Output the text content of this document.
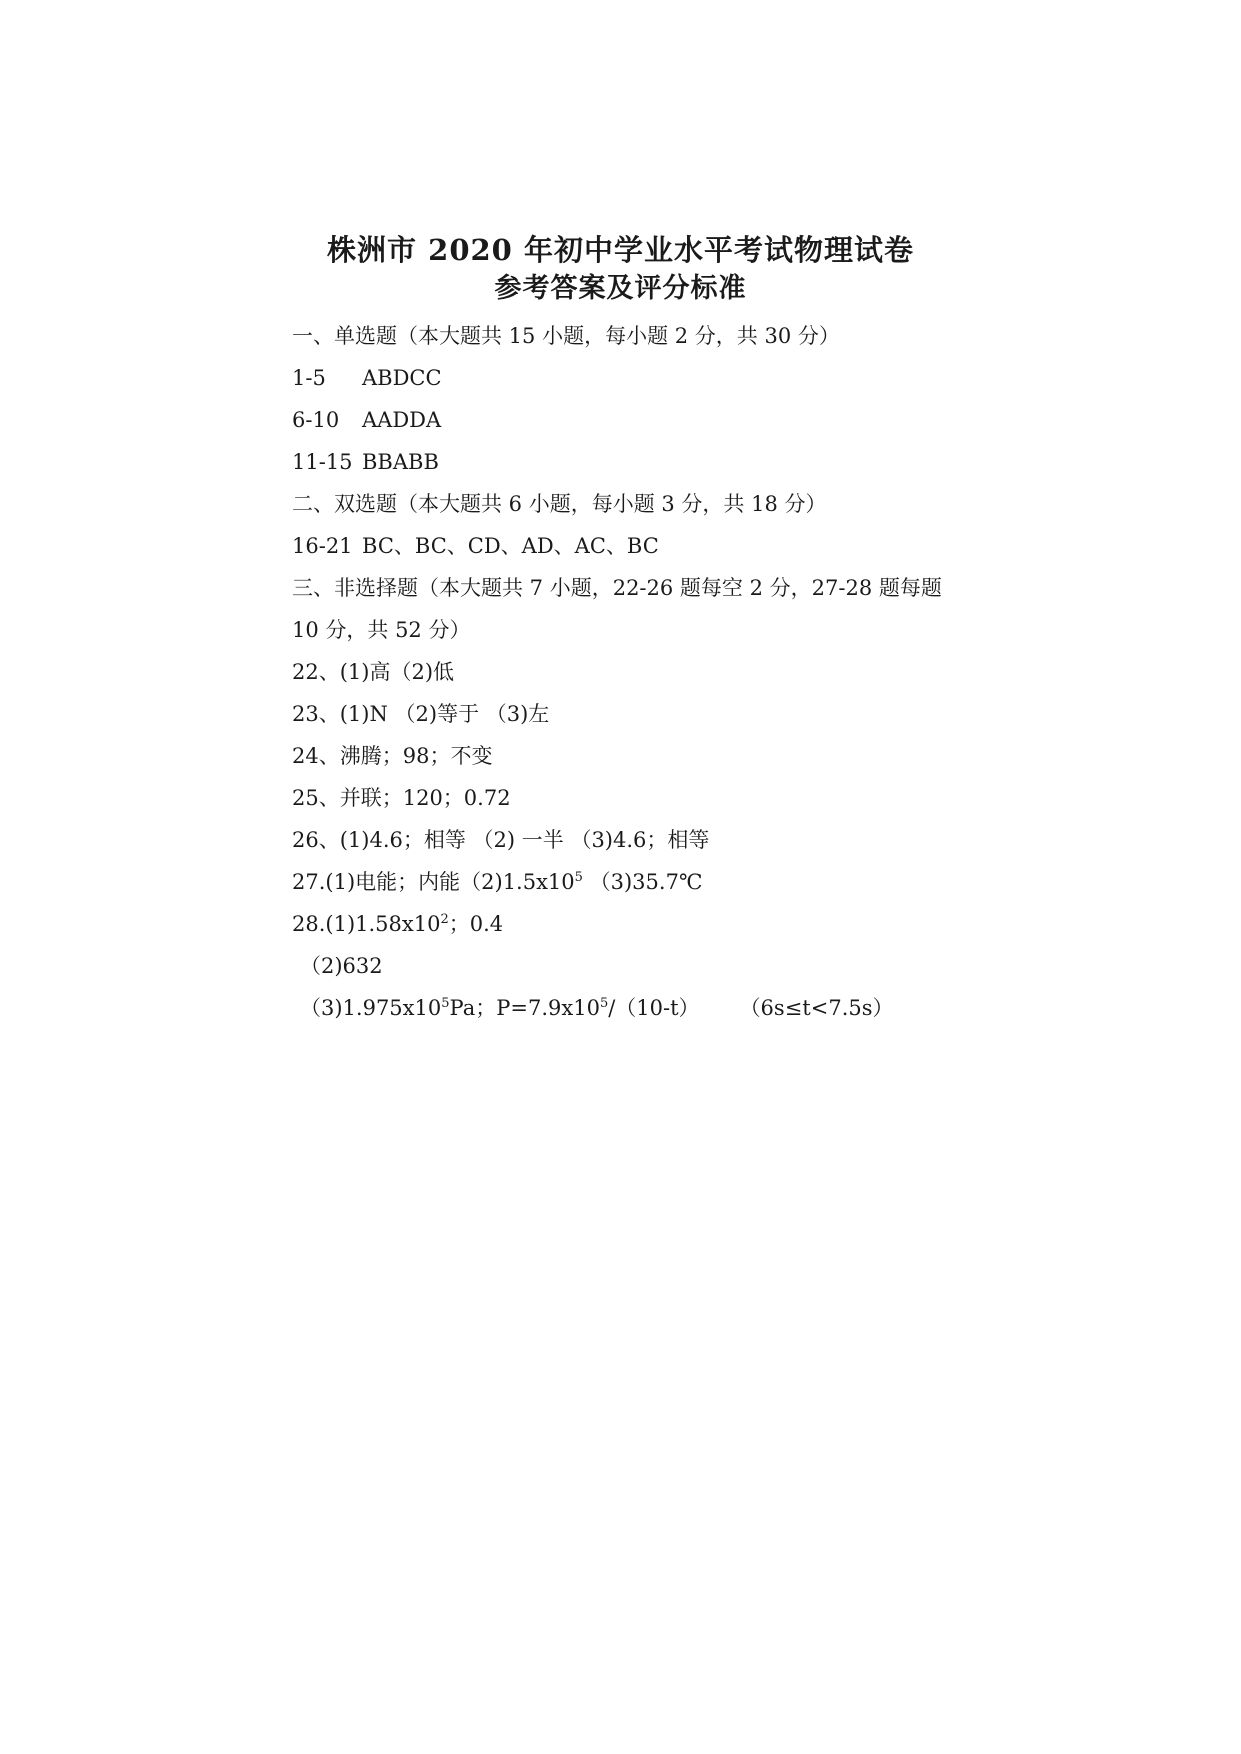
株洲市 2020 年初中学业水平考试物理试卷
参考答案及评分标准
一、单选题（本大题共 15 小题，每小题 2 分，共 30 分）
1-5 ABDCC
6-10 AADDA
11-15 BBABB
二、双选题（本大题共 6 小题，每小题 3 分，共 18 分）
16-21 BC、BC、CD、AD、AC、BC
三、非选择题（本大题共 7 小题，22-26 题每空 2 分，27-28 题每题
10 分，共 52 分）
22、(1)高（2)低
23、(1)N （2)等于 （3)左
24、沸腾；98；不变
25、并联；120；0.72
26、(1)4.6；相等 （2) 一半 （3)4.6；相等
27.(1)电能；内能$(2)1.5x10^5$ （3)35.7℃
$28.(1)1.58x10^2$；0.4
（2)632
$(3)1.975x10^5Pa$；$P=7.9x10^5/(10-t)$ （6s≤t<7.5s）
